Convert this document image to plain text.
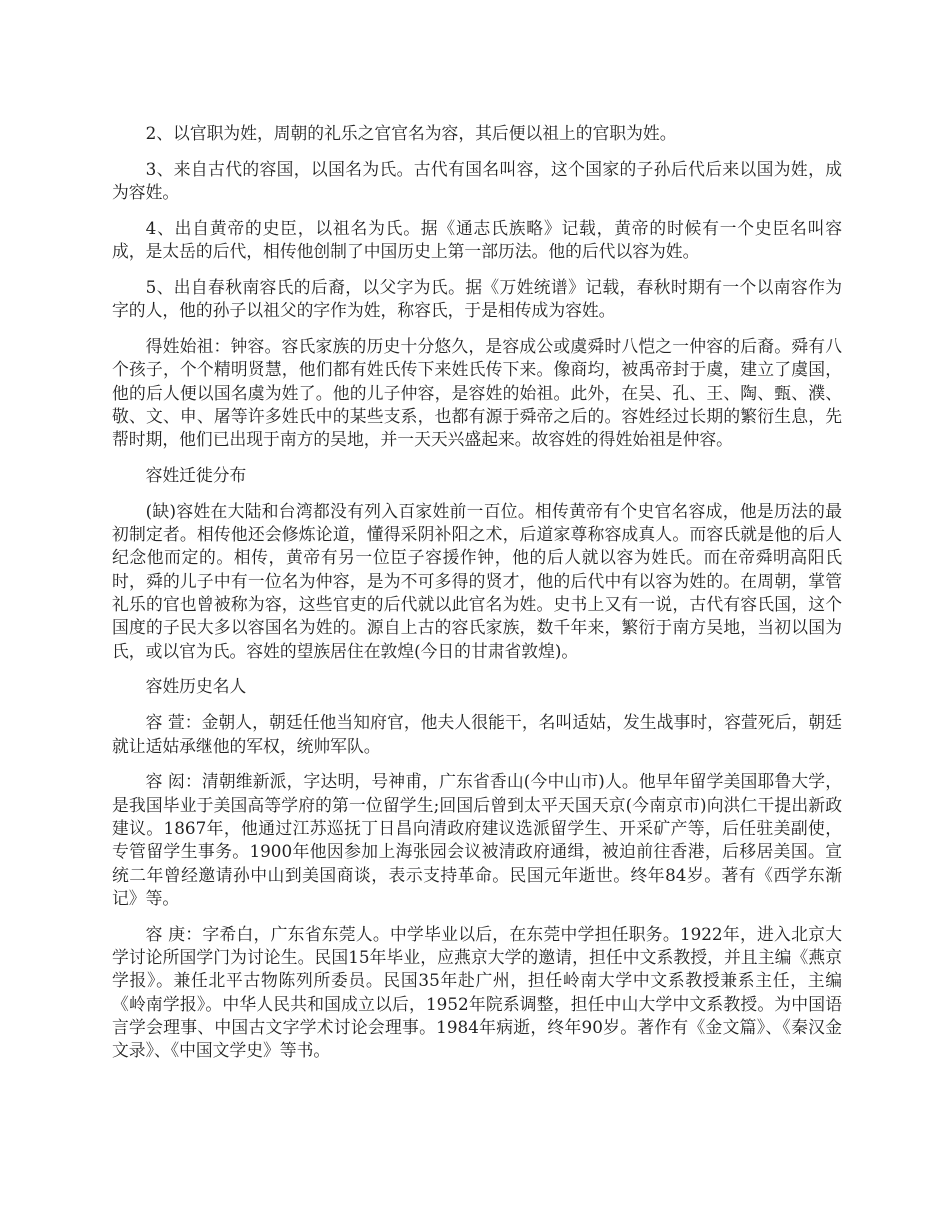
2、以官职为姓，周朝的礼乐之官官名为容，其后便以祖上的官职为姓。

3、来自古代的容国，以国名为氏。古代有国名叫容，这个国家的子孙后代后来以国为姓，成为容姓。

4、出自黄帝的史臣，以祖名为氏。据《通志氏族略》记载，黄帝的时候有一个史臣名叫容成，是太岳的后代，相传他创制了中国历史上第一部历法。他的后代以容为姓。

5、出自春秋南容氏的后裔，以父字为氏。据《万姓统谱》记载，春秋时期有一个以南容作为字的人，他的孙子以祖父的字作为姓，称容氏，于是相传成为容姓。

得姓始祖：钟容。容氏家族的历史十分悠久，是容成公或虞舜时八恺之一仲容的后裔。舜有八个孩子，个个精明贤慧，他们都有姓氏传下来姓氏传下来。像商均，被禹帝封于虞，建立了虞国，他的后人便以国名虞为姓了。他的儿子仲容，是容姓的始祖。此外，在吴、孔、王、陶、甄、濮、敬、文、申、屠等许多姓氏中的某些支系，也都有源于舜帝之后的。容姓经过长期的繁衍生息，先帮时期，他们已出现于南方的吴地，并一天天兴盛起来。故容姓的得姓始祖是仲容。

容姓迁徙分布

(缺)容姓在大陆和台湾都没有列入百家姓前一百位。相传黄帝有个史官名容成，他是历法的最初制定者。相传他还会修炼论道，懂得采阴补阳之术，后道家尊称容成真人。而容氏就是他的后人纪念他而定的。相传，黄帝有另一位臣子容援作钟，他的后人就以容为姓氏。而在帝舜明高阳氏时，舜的儿子中有一位名为仲容，是为不可多得的贤才，他的后代中有以容为姓的。在周朝，掌管礼乐的官也曾被称为容，这些官吏的后代就以此官名为姓。史书上又有一说，古代有容氏国，这个国度的子民大多以容国名为姓的。源自上古的容氏家族，数千年来，繁衍于南方吴地，当初以国为氏，或以官为氏。容姓的望族居住在敦煌(今日的甘肃省敦煌)。

容姓历史名人

容 萱：金朝人，朝廷任他当知府官，他夫人很能干，名叫适姑，发生战事时，容萱死后，朝廷就让适姑承继他的军权，统帅军队。

容 闳：清朝维新派，字达明，号神甫，广东省香山(今中山市)人。他早年留学美国耶鲁大学，是我国毕业于美国高等学府的第一位留学生;回国后曾到太平天国天京(今南京市)向洪仁干提出新政建议。1867年，他通过江苏巡抚丁日昌向清政府建议选派留学生、开采矿产等，后任驻美副使，专管留学生事务。1900年他因参加上海张园会议被清政府通缉，被迫前往香港，后移居美国。宣统二年曾经邀请孙中山到美国商谈，表示支持革命。民国元年逝世。终年84岁。著有《西学东渐记》等。

容 庚：字希白，广东省东莞人。中学毕业以后，在东莞中学担任职务。1922年，进入北京大学讨论所国学门为讨论生。民国15年毕业，应燕京大学的邀请，担任中文系教授，并且主编《燕京学报》。兼任北平古物陈列所委员。民国35年赴广州，担任岭南大学中文系教授兼系主任，主编《岭南学报》。中华人民共和国成立以后，1952年院系调整，担任中山大学中文系教授。为中国语言学会理事、中国古文字学术讨论会理事。1984年病逝，终年90岁。著作有《金文篇》、《秦汉金文录》、《中国文学史》等书。
